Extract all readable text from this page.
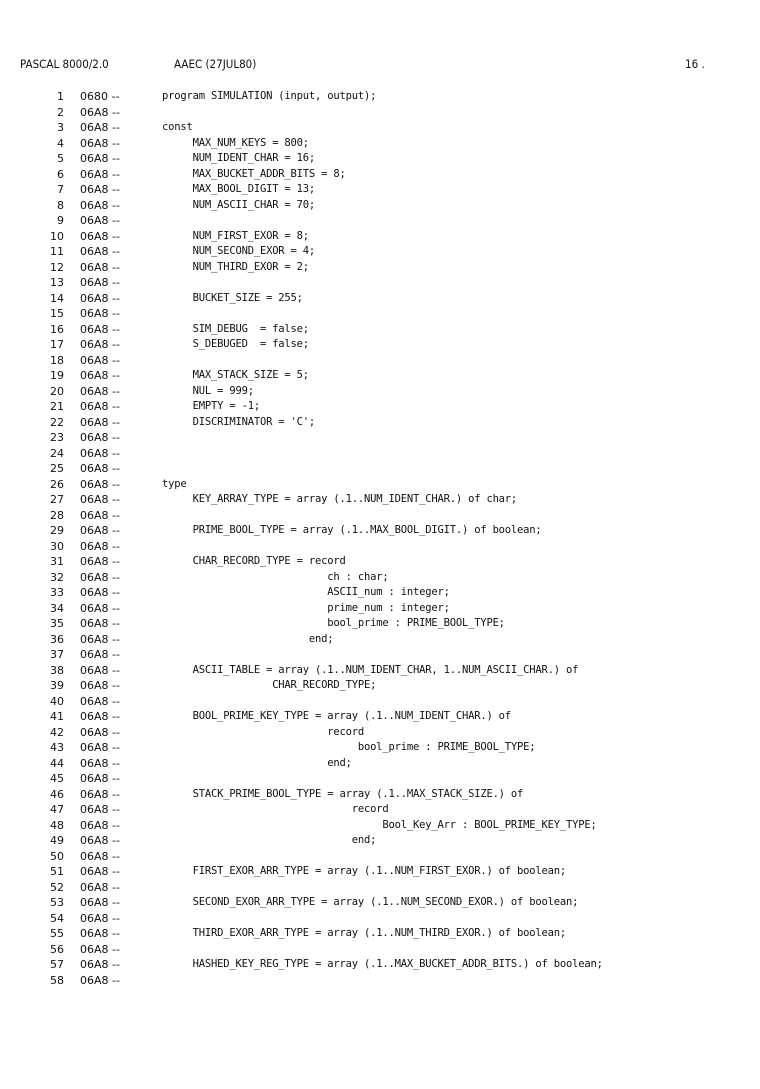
PASCAL 8000/2.0	AAEC (27JUL80)	16 .
1 0680 --	program SIMULATION (input, output);
2 06A8 --
3 06A8 --	const
4 06A8 --	MAX_NUM_KEYS = 800;
5 06A8 --	NUM_IDENT_CHAR = 16;
6 06A8 --	MAX_BUCKET_ADDR_BITS = 8;
7 06A8 --	MAX_BOOL_DIGIT = 13;
8 06A8 --	NUM_ASCII_CHAR = 70;
9 06A8 --
10 06A8 --	NUM_FIRST_EXOR = 8;
11 06A8 --	NUM_SECOND_EXOR = 4;
12 06A8 --	NUM_THIRD_EXOR = 2;
13 06A8 --
14 06A8 --	BUCKET_SIZE = 255;
15 06A8 --
16 06A8 --	SIM_DEBUG  = false;
17 06A8 --	S_DEBUGED  = false;
18 06A8 --
19 06A8 --	MAX_STACK_SIZE = 5;
20 06A8 --	NUL = 999;
21 06A8 --	EMPTY = -1;
22 06A8 --	DISCRIMINATOR = 'C';
23 06A8 --
24 06A8 --
25 06A8 --
26 06A8 --	type
27 06A8 --	KEY_ARRAY_TYPE = array (.1..NUM_IDENT_CHAR.) of char;
28 06A8 --
29 06A8 --	PRIME_BOOL_TYPE = array (.1..MAX_BOOL_DIGIT.) of boolean;
30 06A8 --
31 06A8 --	CHAR_RECORD_TYPE = record
32 06A8 --	ch : char;
33 06A8 --	ASCII_num : integer;
34 06A8 --	prime_num : integer;
35 06A8 --	bool_prime : PRIME_BOOL_TYPE;
36 06A8 --	end;
37 06A8 --
38 06A8 --	ASCII_TABLE = array (.1..NUM_IDENT_CHAR, 1..NUM_ASCII_CHAR.) of
39 06A8 --	CHAR_RECORD_TYPE;
40 06A8 --
41 06A8 --	BOOL_PRIME_KEY_TYPE = array (.1..NUM_IDENT_CHAR.) of
42 06A8 --	record
43 06A8 --	bool_prime : PRIME_BOOL_TYPE;
44 06A8 --	end;
45 06A8 --
46 06A8 --	STACK_PRIME_BOOL_TYPE = array (.1..MAX_STACK_SIZE.) of
47 06A8 --	record
48 06A8 --	Bool_Key_Arr : BOOL_PRIME_KEY_TYPE;
49 06A8 --	end;
50 06A8 --
51 06A8 --	FIRST_EXOR_ARR_TYPE = array (.1..NUM_FIRST_EXOR.) of boolean;
52 06A8 --
53 06A8 --	SECOND_EXOR_ARR_TYPE = array (.1..NUM_SECOND_EXOR.) of boolean;
54 06A8 --
55 06A8 --	THIRD_EXOR_ARR_TYPE = array (.1..NUM_THIRD_EXOR.) of boolean;
56 06A8 --
57 06A8 --	HASHED_KEY_REG_TYPE = array (.1..MAX_BUCKET_ADDR_BITS.) of boolean;
58 06A8 --
